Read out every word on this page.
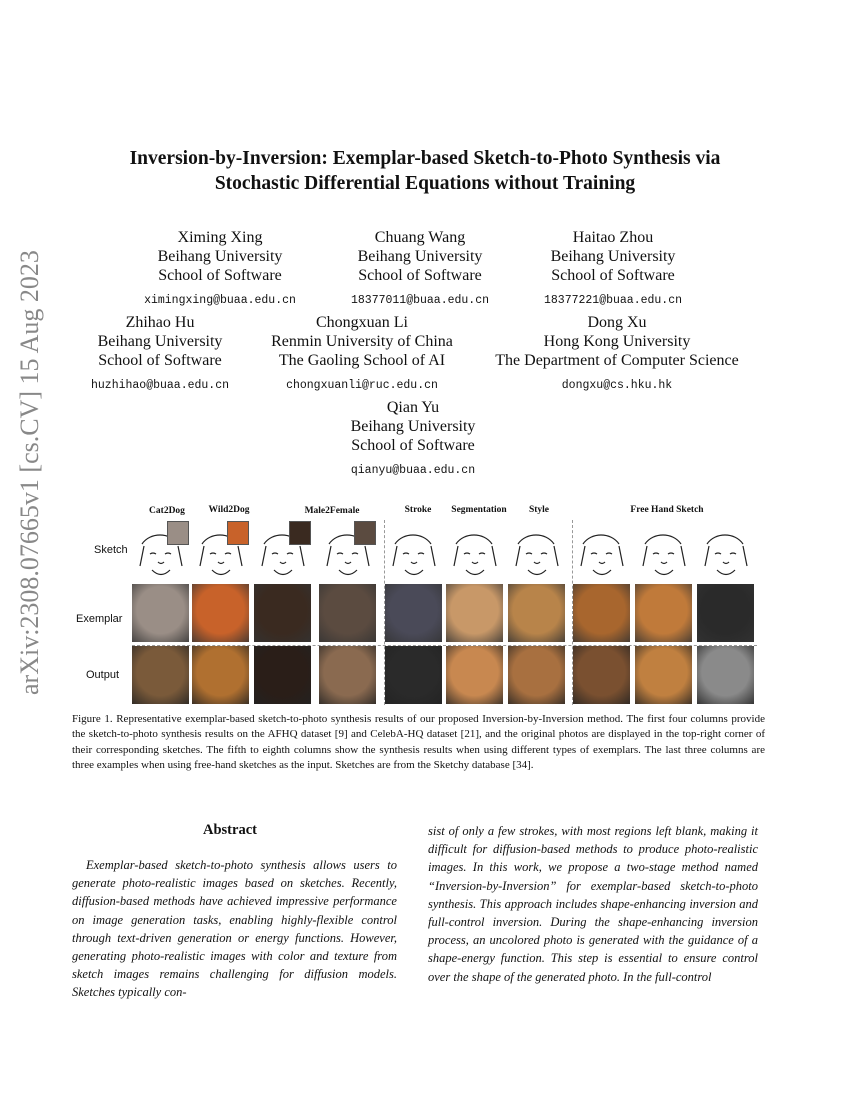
arXiv:2308.07665v1 [cs.CV] 15 Aug 2023
Inversion-by-Inversion: Exemplar-based Sketch-to-Photo Synthesis via
Stochastic Differential Equations without Training
Ximing Xing
Beihang University
School of Software
ximingxing@buaa.edu.cn
Chuang Wang
Beihang University
School of Software
18377011@buaa.edu.cn
Haitao Zhou
Beihang University
School of Software
18377221@buaa.edu.cn
Zhihao Hu
Beihang University
School of Software
huzhihao@buaa.edu.cn
Chongxuan Li
Renmin University of China
The Gaoling School of AI
chongxuanli@ruc.edu.cn
Dong Xu
Hong Kong University
The Department of Computer Science
dongxu@cs.hku.hk
Qian Yu
Beihang University
School of Software
qianyu@buaa.edu.cn
Cat2Dog	Wild2Dog	Male2Female	Stroke	Segmentation	Style	Free Hand Sketch
Sketch
Exemplar
Output
Figure 1. Representative exemplar-based sketch-to-photo synthesis results of our proposed Inversion-by-Inversion method. The first four columns provide the sketch-to-photo synthesis results on the AFHQ dataset [9] and CelebA-HQ dataset [21], and the original photos are displayed in the top-right corner of their corresponding sketches. The fifth to eighth columns show the synthesis results when using different types of exemplars. The last three columns are three examples when using free-hand sketches as the input. Sketches are from the Sketchy database [34].
Abstract
Exemplar-based sketch-to-photo synthesis allows users to generate photo-realistic images based on sketches. Recently, diffusion-based methods have achieved impressive performance on image generation tasks, enabling highly-flexible control through text-driven generation or energy functions. However, generating photo-realistic images with color and texture from sketch images remains challenging for diffusion models. Sketches typically con-
sist of only a few strokes, with most regions left blank, making it difficult for diffusion-based methods to produce photo-realistic images. In this work, we propose a two-stage method named “Inversion-by-Inversion” for exemplar-based sketch-to-photo synthesis. This approach includes shape-enhancing inversion and full-control inversion. During the shape-enhancing inversion process, an uncolored photo is generated with the guidance of a shape-energy function. This step is essential to ensure control over the shape of the generated photo. In the full-control
